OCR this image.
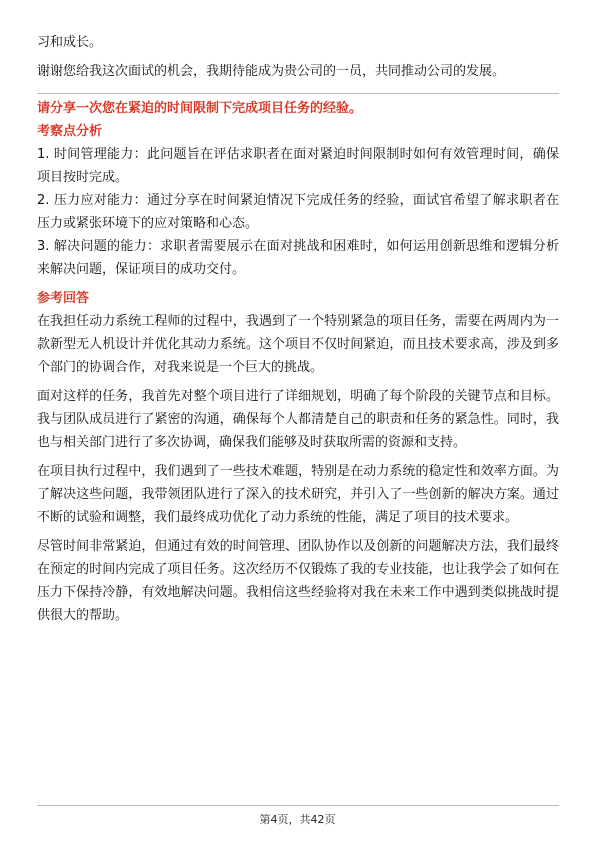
习和成长。

谢谢您给我这次面试的机会，我期待能成为贵公司的一员，共同推动公司的发展。

请分享一次您在紧迫的时间限制下完成项目任务的经验。

考察点分析

1. 时间管理能力：此问题旨在评估求职者在面对紧迫时间限制时如何有效管理时间，确保项目按时完成。

2. 压力应对能力：通过分享在时间紧迫情况下完成任务的经验，面试官希望了解求职者在压力或紧张环境下的应对策略和心态。

3. 解决问题的能力：求职者需要展示在面对挑战和困难时，如何运用创新思维和逻辑分析来解决问题，保证项目的成功交付。

参考回答

在我担任动力系统工程师的过程中，我遇到了一个特别紧急的项目任务，需要在两周内为一款新型无人机设计并优化其动力系统。这个项目不仅时间紧迫，而且技术要求高，涉及到多个部门的协调合作，对我来说是一个巨大的挑战。

面对这样的任务，我首先对整个项目进行了详细规划，明确了每个阶段的关键节点和目标。我与团队成员进行了紧密的沟通，确保每个人都清楚自己的职责和任务的紧急性。同时，我也与相关部门进行了多次协调，确保我们能够及时获取所需的资源和支持。

在项目执行过程中，我们遇到了一些技术难题，特别是在动力系统的稳定性和效率方面。为了解决这些问题，我带领团队进行了深入的技术研究，并引入了一些创新的解决方案。通过不断的试验和调整，我们最终成功优化了动力系统的性能，满足了项目的技术要求。

尽管时间非常紧迫，但通过有效的时间管理、团队协作以及创新的问题解决方法，我们最终在预定的时间内完成了项目任务。这次经历不仅锻炼了我的专业技能，也让我学会了如何在压力下保持冷静，有效地解决问题。我相信这些经验将对我在未来工作中遇到类似挑战时提供很大的帮助。

第4页，共42页
